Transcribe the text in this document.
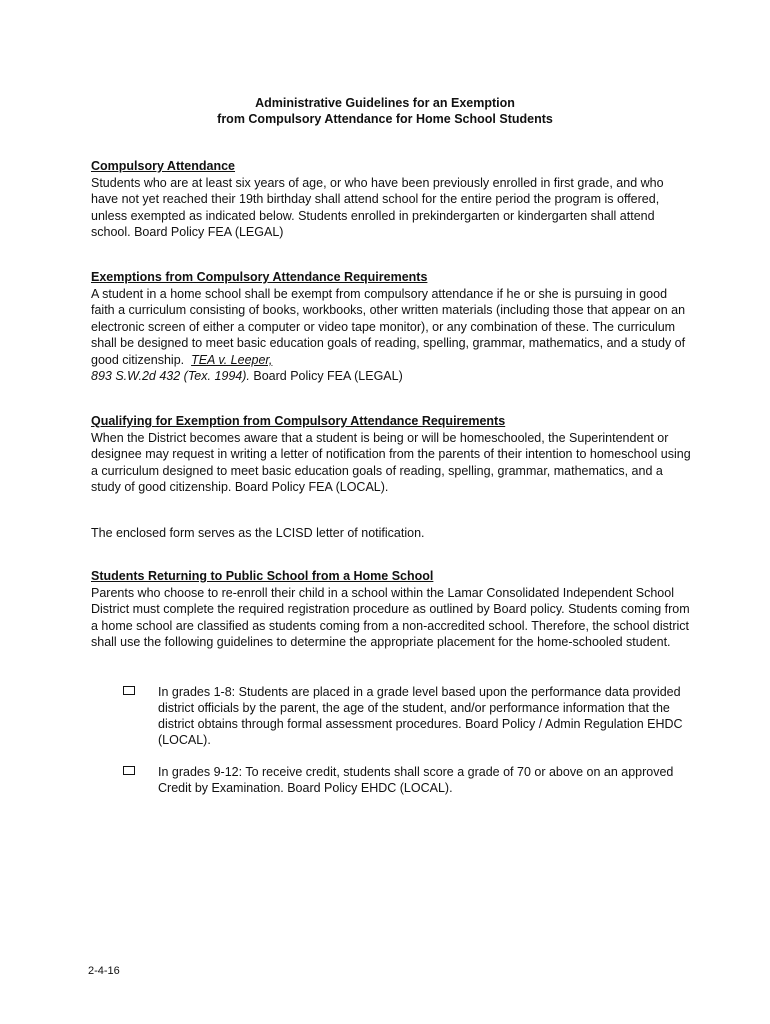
Administrative Guidelines for an Exemption
from Compulsory Attendance for Home School Students
Compulsory Attendance
Students who are at least six years of age, or who have been previously enrolled in first grade, and who have not yet reached their 19th birthday shall attend school for the entire period the program is offered, unless exempted as indicated below. Students enrolled in prekindergarten or kindergarten shall attend school. Board Policy FEA (LEGAL)
Exemptions from Compulsory Attendance Requirements
A student in a home school shall be exempt from compulsory attendance if he or she is pursuing in good faith a curriculum consisting of books, workbooks, other written materials (including those that appear on an electronic screen of either a computer or video tape monitor), or any combination of these. The curriculum shall be designed to meet basic education goals of reading, spelling, grammar, mathematics, and a study of good citizenship. TEA v. Leeper,
893 S.W.2d 432 (Tex. 1994). Board Policy FEA (LEGAL)
Qualifying for Exemption from Compulsory Attendance Requirements
When the District becomes aware that a student is being or will be homeschooled, the Superintendent or designee may request in writing a letter of notification from the parents of their intention to homeschool using a curriculum designed to meet basic education goals of reading, spelling, grammar, mathematics, and a study of good citizenship. Board Policy FEA (LOCAL).
The enclosed form serves as the LCISD letter of notification.
Students Returning to Public School from a Home School
Parents who choose to re-enroll their child in a school within the Lamar Consolidated Independent School District must complete the required registration procedure as outlined by Board policy. Students coming from a home school are classified as students coming from a non-accredited school. Therefore, the school district shall use the following guidelines to determine the appropriate placement for the home-schooled student.
In grades 1-8: Students are placed in a grade level based upon the performance data provided district officials by the parent, the age of the student, and/or performance information that the district obtains through formal assessment procedures. Board Policy / Admin Regulation EHDC (LOCAL).
In grades 9-12: To receive credit, students shall score a grade of 70 or above on an approved Credit by Examination. Board Policy EHDC (LOCAL).
2-4-16
